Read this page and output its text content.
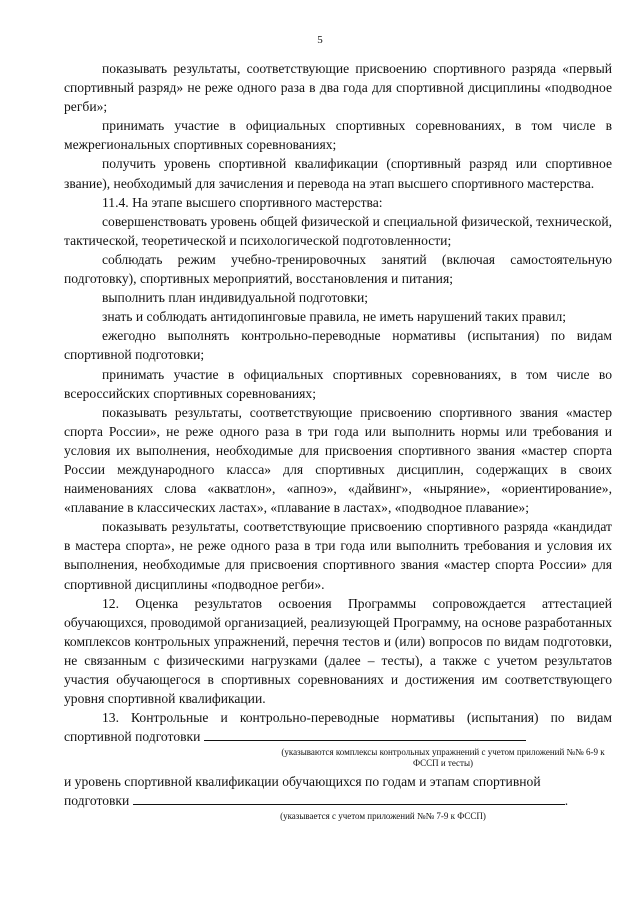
5

показывать результаты, соответствующие присвоению спортивного разряда «первый спортивный разряд» не реже одного раза в два года для спортивной дисциплины «подводное регби»;

принимать участие в официальных спортивных соревнованиях, в том числе в межрегиональных спортивных соревнованиях;

получить уровень спортивной квалификации (спортивный разряд или спортивное звание), необходимый для зачисления и перевода на этап высшего спортивного мастерства.

11.4. На этапе высшего спортивного мастерства:

совершенствовать уровень общей физической и специальной физической, технической, тактической, теоретической и психологической подготовленности;

соблюдать режим учебно-тренировочных занятий (включая самостоятельную подготовку), спортивных мероприятий, восстановления и питания;

выполнить план индивидуальной подготовки;

знать и соблюдать антидопинговые правила, не иметь нарушений таких правил;

ежегодно выполнять контрольно-переводные нормативы (испытания) по видам спортивной подготовки;

принимать участие в официальных спортивных соревнованиях, в том числе во всероссийских спортивных соревнованиях;

показывать результаты, соответствующие присвоению спортивного звания «мастер спорта России», не реже одного раза в три года или выполнить нормы или требования и условия их выполнения, необходимые для присвоения спортивного звания «мастер спорта России международного класса» для спортивных дисциплин, содержащих в своих наименованиях слова «акватлон», «апноэ», «дайвинг», «ныряние», «ориентирование», «плавание в классических ластах», «плавание в ластах», «подводное плавание»;

показывать результаты, соответствующие присвоению спортивного разряда «кандидат в мастера спорта», не реже одного раза в три года или выполнить требования и условия их выполнения, необходимые для присвоения спортивного звания «мастер спорта России» для спортивной дисциплины «подводное регби».

12. Оценка результатов освоения Программы сопровождается аттестацией обучающихся, проводимой организацией, реализующей Программу, на основе разработанных комплексов контрольных упражнений, перечня тестов и (или) вопросов по видам подготовки, не связанным с физическими нагрузками (далее – тесты), а также с учетом результатов участия обучающегося в спортивных соревнованиях и достижения им соответствующего уровня спортивной квалификации.

13. Контрольные и контрольно-переводные нормативы (испытания) по видам спортивной подготовки

(указываются комплексы контрольных упражнений с учетом приложений №№ 6-9 к ФССП и тесты)

и уровень спортивной квалификации обучающихся по годам и этапам спортивной

подготовки	.

(указывается с учетом приложений №№ 7-9 к ФССП)
